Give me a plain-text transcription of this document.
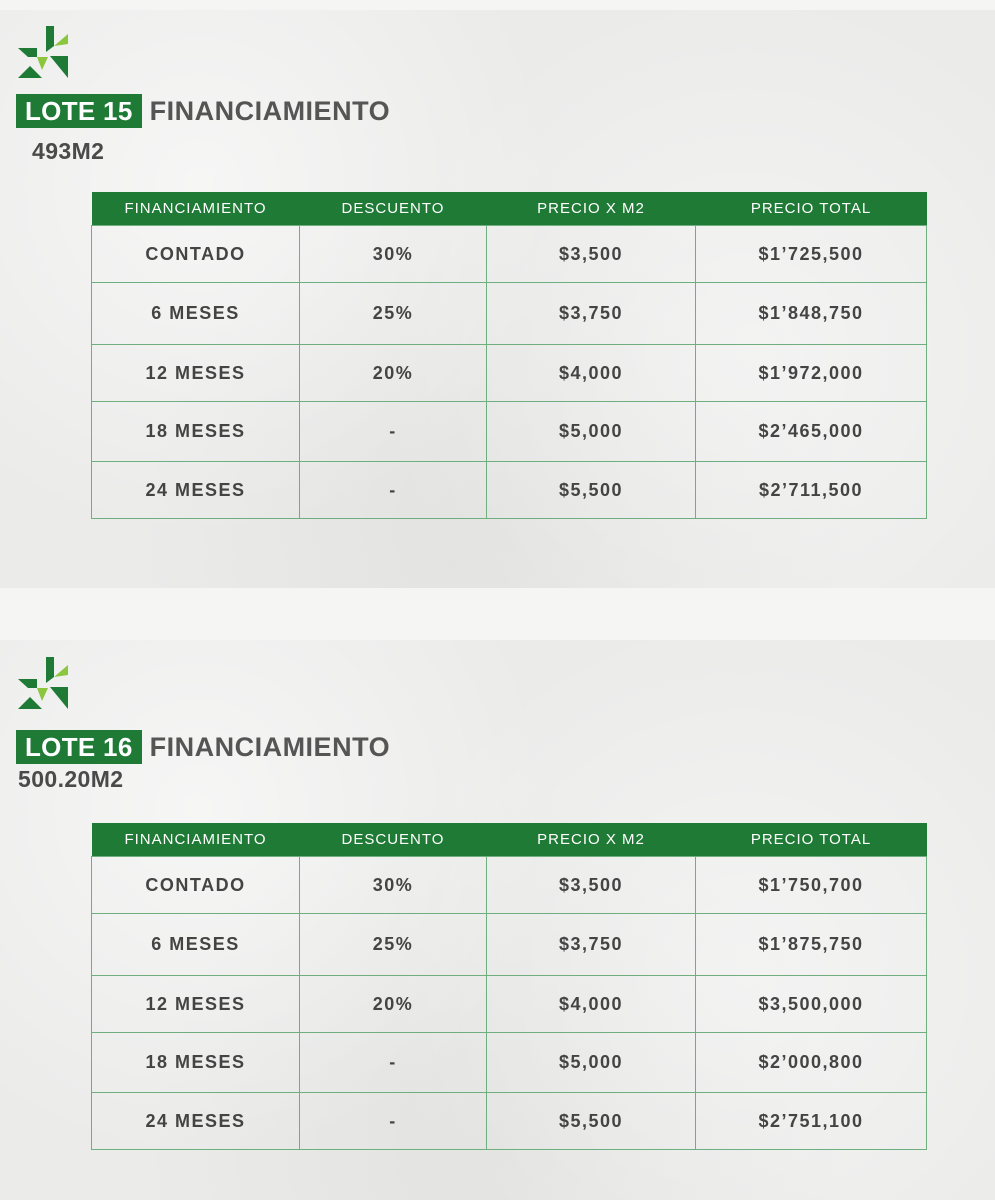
LOTE 15 FINANCIAMIENTO
493M2
FINANCIAMIENTO	DESCUENTO	PRECIO X M2	PRECIO TOTAL
CONTADO	30%	$3,500	$1’725,500
6 MESES	25%	$3,750	$1’848,750
12 MESES	20%	$4,000	$1’972,000
18 MESES	-	$5,000	$2’465,000
24 MESES	-	$5,500	$2’711,500
LOTE 16 FINANCIAMIENTO
500.20M2
FINANCIAMIENTO	DESCUENTO	PRECIO X M2	PRECIO TOTAL
CONTADO	30%	$3,500	$1’750,700
6 MESES	25%	$3,750	$1’875,750
12 MESES	20%	$4,000	$3,500,000
18 MESES	-	$5,000	$2’000,800
24 MESES	-	$5,500	$2’751,100
